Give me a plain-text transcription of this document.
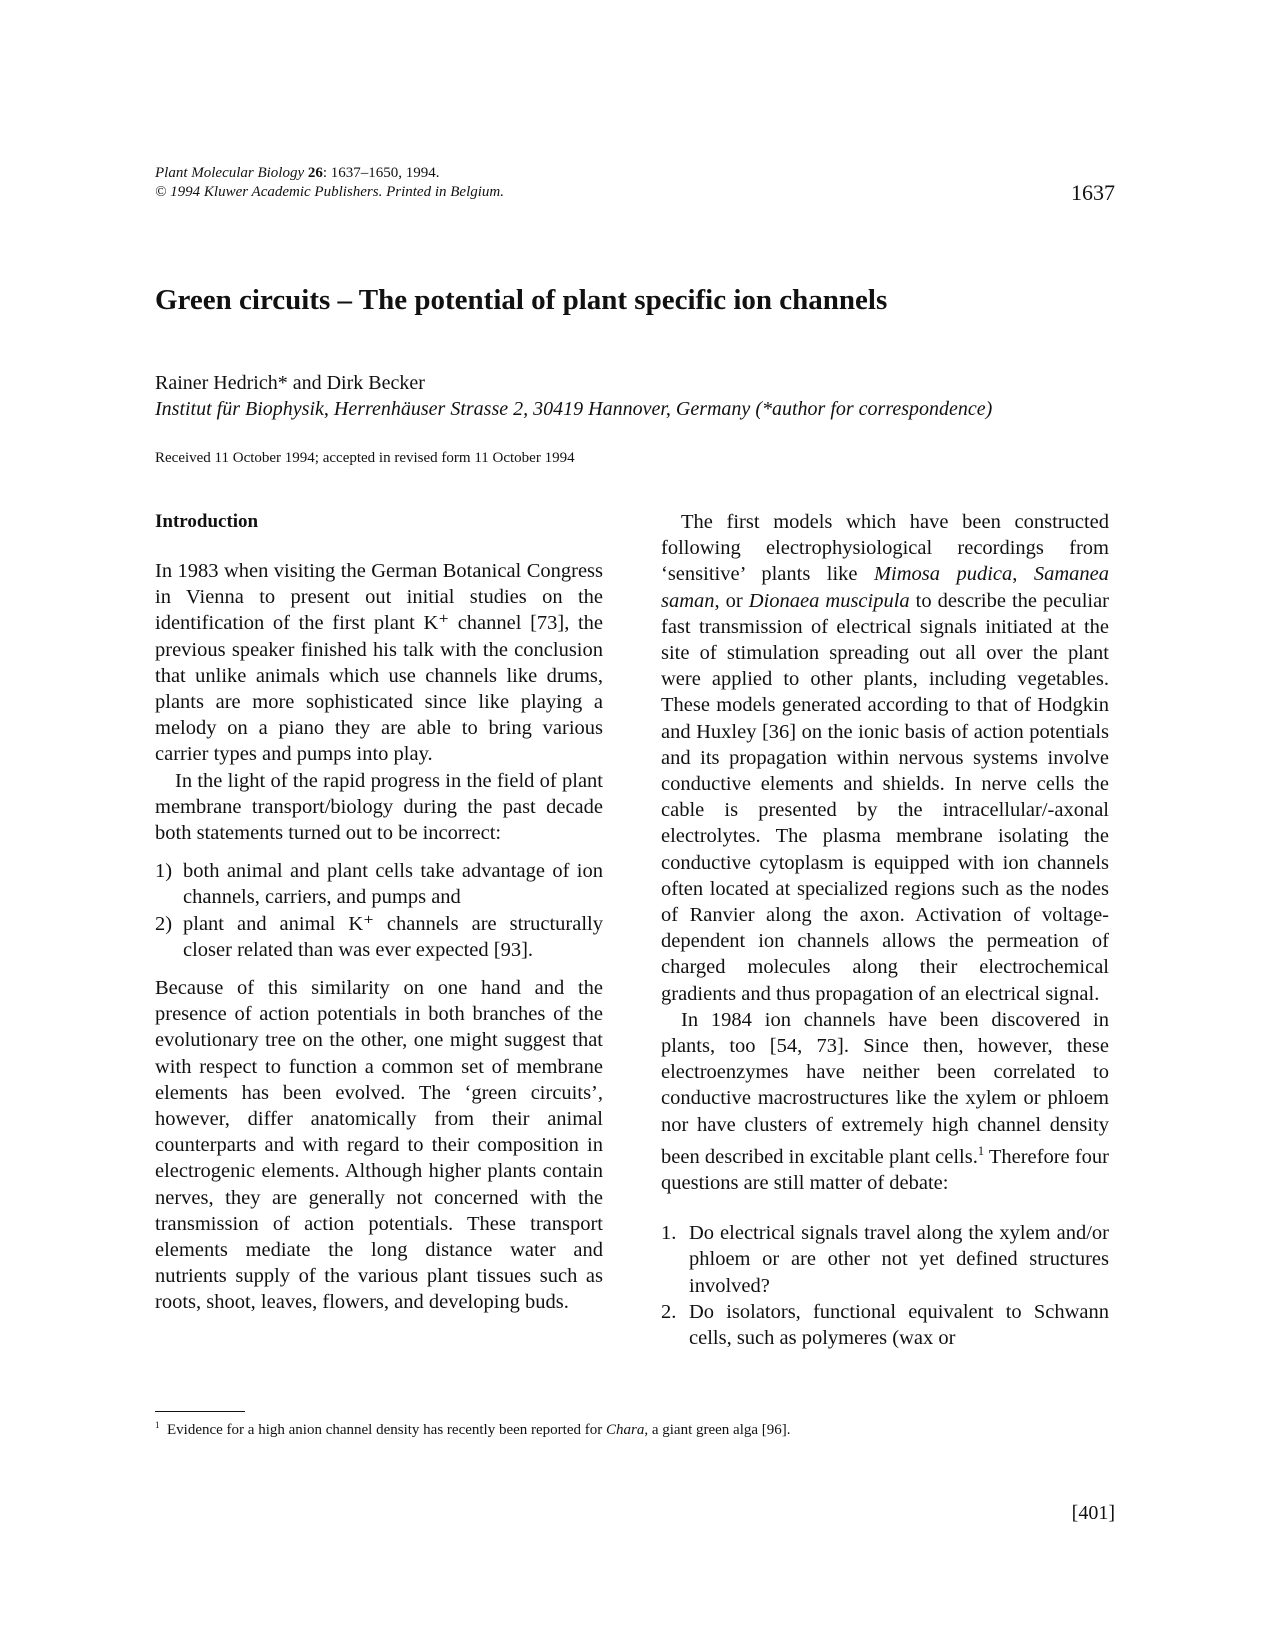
Plant Molecular Biology 26: 1637–1650, 1994.
© 1994 Kluwer Academic Publishers. Printed in Belgium.	1637
Green circuits – The potential of plant specific ion channels
Rainer Hedrich* and Dirk Becker
Institut für Biophysik, Herrenhäuser Strasse 2, 30419 Hannover, Germany (*author for correspondence)
Received 11 October 1994; accepted in revised form 11 October 1994
Introduction

In 1983 when visiting the German Botanical Congress in Vienna to present out initial studies on the identification of the first plant K⁺ channel [73], the previous speaker finished his talk with the conclusion that unlike animals which use channels like drums, plants are more sophisticated since like playing a melody on a piano they are able to bring various carrier types and pumps into play.

In the light of the rapid progress in the field of plant membrane transport/biology during the past decade both statements turned out to be incorrect:

1) both animal and plant cells take advantage of ion channels, carriers, and pumps and
2) plant and animal K⁺ channels are structurally closer related than was ever expected [93].

Because of this similarity on one hand and the presence of action potentials in both branches of the evolutionary tree on the other, one might suggest that with respect to function a common set of membrane elements has been evolved. The ‘green circuits’, however, differ anatomically from their animal counterparts and with regard to their composition in electrogenic elements. Although higher plants contain nerves, they are generally not concerned with the transmission of action potentials. These transport elements mediate the long distance water and nutrients supply of the various plant tissues such as roots, shoot, leaves, flowers, and developing buds.

The first models which have been constructed following electrophysiological recordings from ‘sensitive’ plants like Mimosa pudica, Samanea saman, or Dionaea muscipula to describe the peculiar fast transmission of electrical signals initiated at the site of stimulation spreading out all over the plant were applied to other plants, including vegetables. These models generated according to that of Hodgkin and Huxley [36] on the ionic basis of action potentials and its propagation within nervous systems involve conductive elements and shields. In nerve cells the cable is presented by the intracellular/-axonal electrolytes. The plasma membrane isolating the conductive cytoplasm is equipped with ion channels often located at specialized regions such as the nodes of Ranvier along the axon. Activation of voltage-dependent ion channels allows the permeation of charged molecules along their electrochemical gradients and thus propagation of an electrical signal.

In 1984 ion channels have been discovered in plants, too [54, 73]. Since then, however, these electroenzymes have neither been correlated to conductive macrostructures like the xylem or phloem nor have clusters of extremely high channel density been described in excitable plant cells.$^1$ Therefore four questions are still matter of debate:

1. Do electrical signals travel along the xylem and/or phloem or are other not yet defined structures involved?
2. Do isolators, functional equivalent to Schwann cells, such as polymeres (wax or
$^1$ Evidence for a high anion channel density has recently been reported for Chara, a giant green alga [96].
[401]
